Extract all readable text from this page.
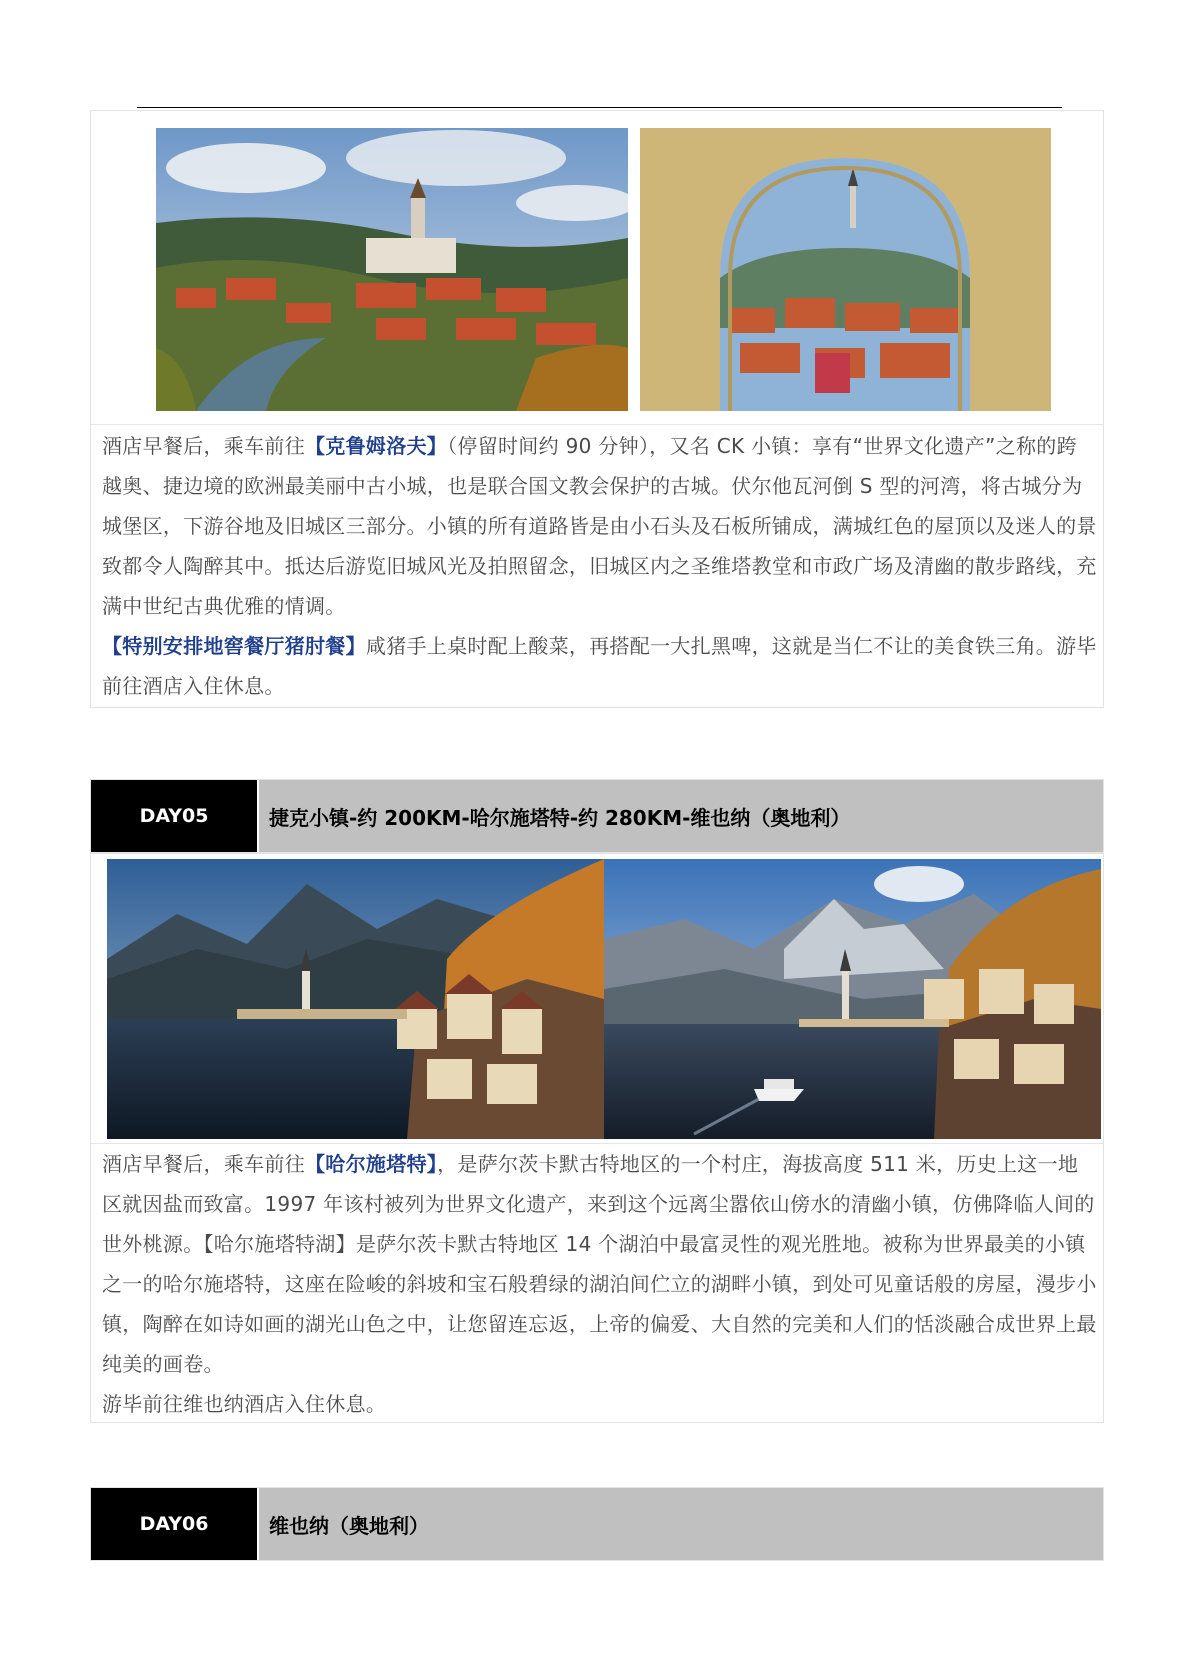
酒店早餐后，乘车前往【克鲁姆洛夫】（停留时间约 90 分钟），又名 CK 小镇：享有“世界文化遗产”之称的跨越奥、捷边境的欧洲最美丽中古小城，也是联合国文教会保护的古城。伏尔他瓦河倒 S 型的河湾，将古城分为城堡区，下游谷地及旧城区三部分。小镇的所有道路皆是由小石头及石板所铺成，满城红色的屋顶以及迷人的景致都令人陶醉其中。抵达后游览旧城风光及拍照留念，旧城区内之圣维塔教堂和市政广场及清幽的散步路线，充满中世纪古典优雅的情调。

【特别安排地窖餐厅猪肘餐】咸猪手上桌时配上酸菜，再搭配一大扎黑啤，这就是当仁不让的美食铁三角。游毕前往酒店入住休息。

DAY05	捷克小镇-约 200KM-哈尔施塔特-约 280KM-维也纳（奥地利）

酒店早餐后，乘车前往【哈尔施塔特】，是萨尔茨卡默古特地区的一个村庄，海拔高度 511 米，历史上这一地区就因盐而致富。1997 年该村被列为世界文化遗产，来到这个远离尘嚣依山傍水的清幽小镇，仿佛降临人间的世外桃源。【哈尔施塔特湖】是萨尔茨卡默古特地区 14 个湖泊中最富灵性的观光胜地。被称为世界最美的小镇之一的哈尔施塔特，这座在险峻的斜坡和宝石般碧绿的湖泊间伫立的湖畔小镇，到处可见童话般的房屋，漫步小镇，陶醉在如诗如画的湖光山色之中，让您留连忘返，上帝的偏爱、大自然的完美和人们的恬淡融合成世界上最纯美的画卷。

游毕前往维也纳酒店入住休息。

DAY06	维也纳（奥地利）
